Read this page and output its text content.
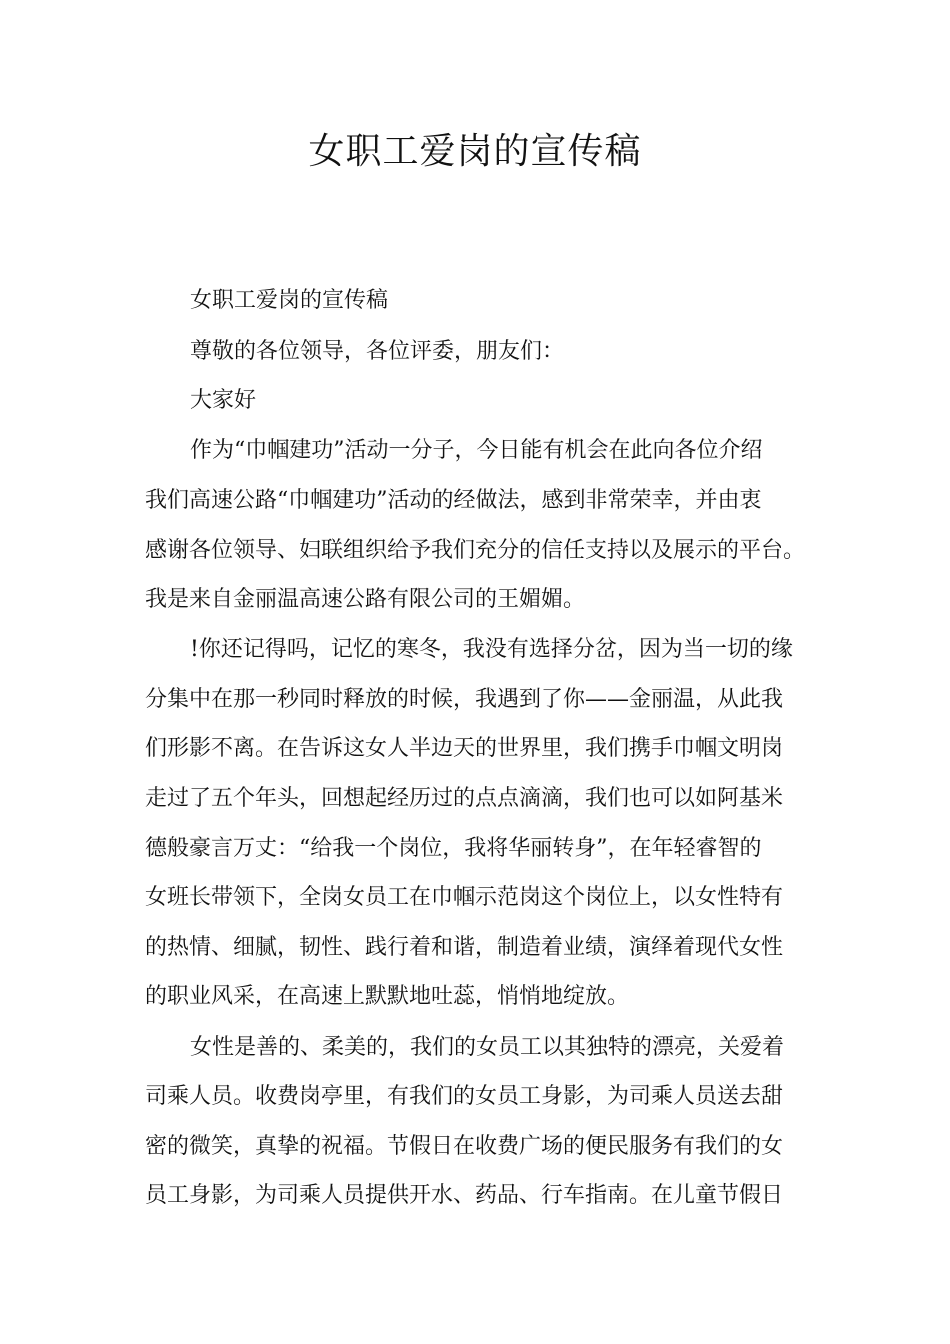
女职工爱岗的宣传稿

女职工爱岗的宣传稿

尊敬的各位领导，各位评委，朋友们：

大家好

作为“巾帼建功”活动一分子，今日能有机会在此向各位介绍

我们高速公路“巾帼建功”活动的经做法，感到非常荣幸，并由衷

感谢各位领导、妇联组织给予我们充分的信任支持以及展示的平台。

我是来自金丽温高速公路有限公司的王媚媚。

!你还记得吗，记忆的寒冬，我没有选择分岔，因为当一切的缘

分集中在那一秒同时释放的时候，我遇到了你——金丽温，从此我

们形影不离。在告诉这女人半边天的世界里，我们携手巾帼文明岗

走过了五个年头，回想起经历过的点点滴滴，我们也可以如阿基米

德般豪言万丈：“给我一个岗位，我将华丽转身”，在年轻睿智的

女班长带领下，全岗女员工在巾帼示范岗这个岗位上，以女性特有

的热情、细腻，韧性、践行着和谐，制造着业绩，演绎着现代女性

的职业风采，在高速上默默地吐蕊，悄悄地绽放。

女性是善的、柔美的，我们的女员工以其独特的漂亮，关爱着

司乘人员。收费岗亭里，有我们的女员工身影，为司乘人员送去甜

密的微笑，真挚的祝福。节假日在收费广场的便民服务有我们的女

员工身影，为司乘人员提供开水、药品、行车指南。在儿童节假日
